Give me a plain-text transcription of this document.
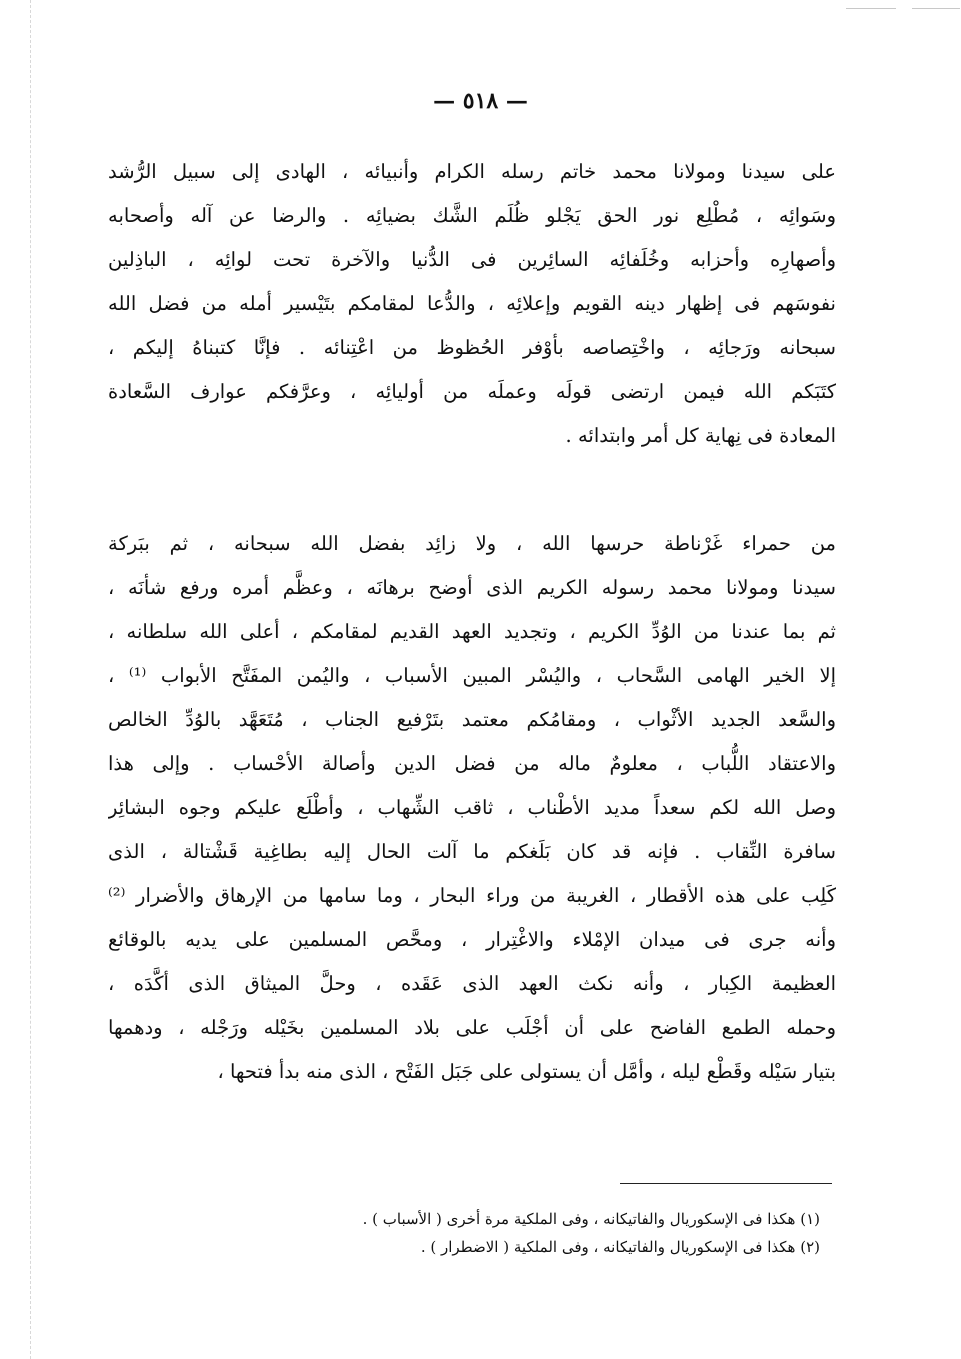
— ٥١٨ —
على سيدنا ومولانا محمد خاتم رسله الكرام وأنبيائه ، الهادى إلى سبيل الرُّشد
وسَوائِه ، مُطْلِع نور الحق يَجْلو ظُلَم الشَّك بضيائِه . والرضا عن آله وأصحابه
وأصهارِه وأحزابه وخُلَفائِه السائِرين فى الدُّنيا والآخرة تحت لوائِه ، الباذِلين
نفوسَهم فى إظهار دينه القويم وإعلائِه ، والدُّعا لمقامكم بتَيْسير أمله من فضل الله
سبحانه ورَجائِه ، واخْتِصاصه بأوْفر الحُظوظ من اعْتِنائه . فإنَّا كتبناهُ إليكم ،
كتَبَكم الله فيمن ارتضى قولَه وعملَه من أوليائِه ، وعرَّفكم عوارف السَّعادة
المعادة فى نِهاية كل أمر وابتدائه .
من حمراء غَرْناطة حرسها الله ، ولا زائِد بفضل الله سبحانه ، ثم ببَركة
سيدنا ومولانا محمد رسوله الكريم الذى أوضح برهانَه ، وعظَّم أمره ورفع شأنَه ،
ثم بما عندنا من الوُدِّ الكريم ، وتجديد العهد القديم لمقامكم ، أعلى الله سلطانه ،
إلا الخير الهامى السَّحاب ، واليُسْر المبين الأسباب ، واليُمن المفَتَّح الأبواب ⁽¹⁾ ،
والسَّعد الجديد الأثْواب ، ومقامُكم معتمد بتَرْفيع الجناب ، مُتَعَهَّد بالوُدِّ الخالص
والاعتقاد اللُّباب ، معلومٌ ماله من فضل الدين وأصالة الأحْساب . وإلى هذا
وصل الله لكم سعداً مديد الأطْناب ، ثاقب الشِّهاب ، وأطْلَع عليكم وجوه البشائِر
سافرة النِّقاب . فإنه قد كان بَلَغكم ما آلت الحال إليه بطاغِية قَشْتالة ، الذى
كَلِب على هذه الأقطار ، الغريبة من وراء البحار ، وما سامها من الإرهاق والأضرار ⁽²⁾
وأنه جرى فى ميدان الإمْلاء والاغْتِرار ، ومحَّص المسلمين على يديه بالوقائع
العظيمة الكِبار ، وأنه نكث العهد الذى عَقَده ، وحلَّ الميثاق الذى أكَّدَه ،
وحمله الطمع الفاضح على أن أجْلَب على بلاد المسلمين بخَيْله ورَجْله ، ودهمها
بتيار سَيْله وقَطْع ليله ، وأمَّل أن يستولى على جَبَل الفَتْح ، الذى منه بدأ فتحها ،
(١) هكذا فى الإسكوريال والفاتيكانه ، وفى الملكية مرة أخرى ( الأسباب ) .
(٢) هكذا فى الإسكوريال والفاتيكانه ، وفى الملكية ( الاضطرار ) .
